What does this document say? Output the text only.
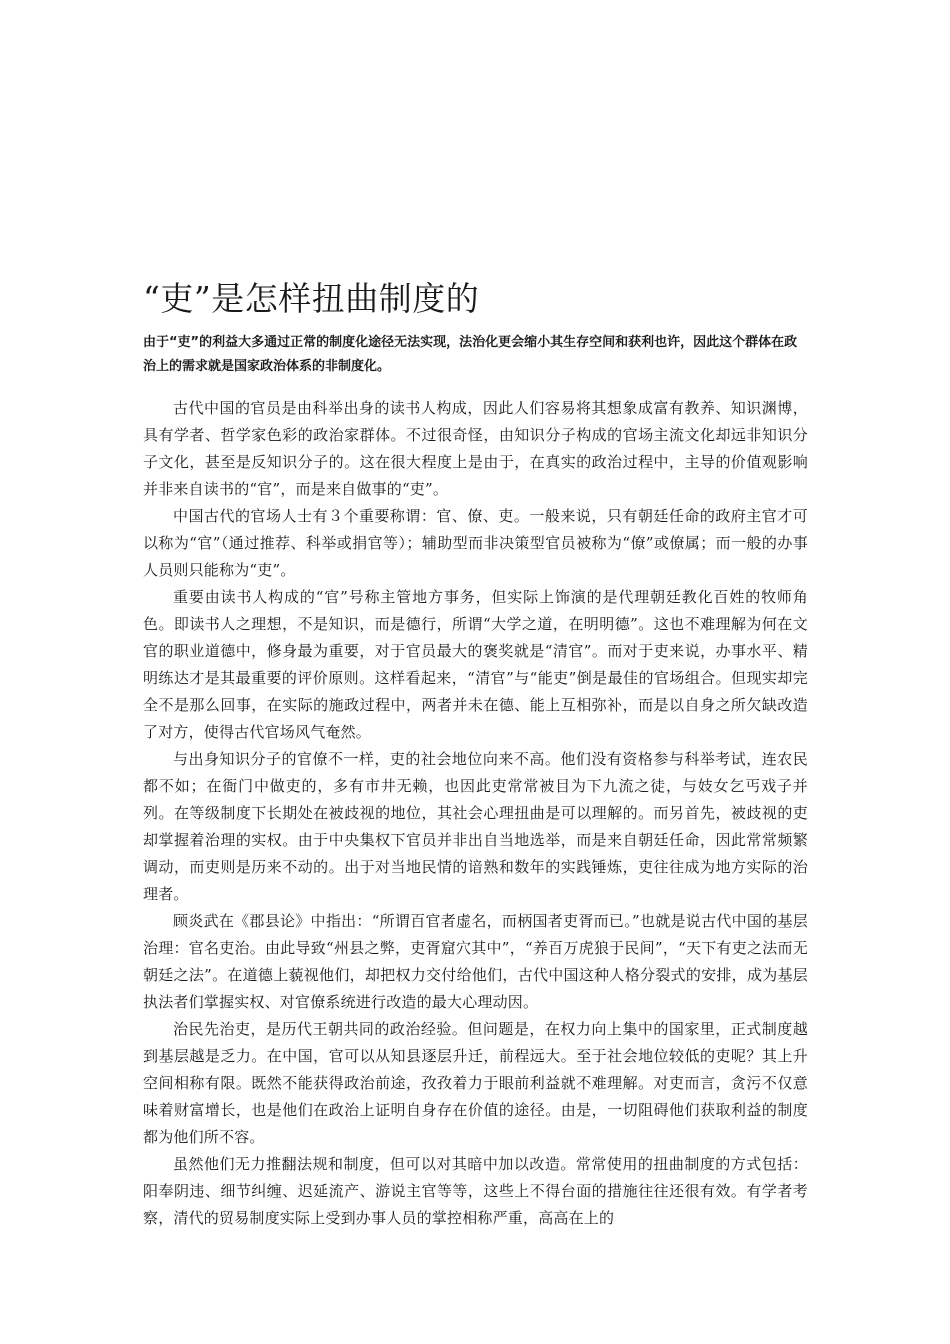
“吏”是怎样扭曲制度的

由于“吏”的利益大多通过正常的制度化途径无法实现，法治化更会缩小其生存空间和获利也许，因此这个群体在政治上的需求就是国家政治体系的非制度化。

古代中国的官员是由科举出身的读书人构成，因此人们容易将其想象成富有教养、知识渊博，具有学者、哲学家色彩的政治家群体。不过很奇怪，由知识分子构成的官场主流文化却远非知识分子文化，甚至是反知识分子的。这在很大程度上是由于，在真实的政治过程中，主导的价值观影响并非来自读书的“官”，而是来自做事的“吏”。

中国古代的官场人士有３个重要称谓：官、僚、吏。一般来说，只有朝廷任命的政府主官才可以称为“官”（通过推荐、科举或捐官等）；辅助型而非决策型官员被称为“僚”或僚属；而一般的办事人员则只能称为“吏”。

重要由读书人构成的“官”号称主管地方事务，但实际上饰演的是代理朝廷教化百姓的牧师角色。即读书人之理想，不是知识，而是德行，所谓“大学之道，在明明德”。这也不难理解为何在文官的职业道德中，修身最为重要，对于官员最大的褒奖就是“清官”。而对于吏来说，办事水平、精明练达才是其最重要的评价原则。这样看起来，“清官”与“能吏”倒是最佳的官场组合。但现实却完全不是那么回事，在实际的施政过程中，两者并未在德、能上互相弥补，而是以自身之所欠缺改造了对方，使得古代官场风气奄然。

与出身知识分子的官僚不一样，吏的社会地位向来不高。他们没有资格参与科举考试，连农民都不如；在衙门中做吏的，多有市井无赖，也因此吏常常被目为下九流之徒，与妓女乞丐戏子并列。在等级制度下长期处在被歧视的地位，其社会心理扭曲是可以理解的。而另首先，被歧视的吏却掌握着治理的实权。由于中央集权下官员并非出自当地选举，而是来自朝廷任命，因此常常频繁调动，而吏则是历来不动的。出于对当地民情的谙熟和数年的实践锤炼，吏往往成为地方实际的治理者。

顾炎武在《郡县论》中指出：“所谓百官者虚名，而柄国者吏胥而已。”也就是说古代中国的基层治理：官名吏治。由此导致“州县之弊，吏胥窟穴其中”，“养百万虎狼于民间”，“天下有吏之法而无朝廷之法”。在道德上藐视他们，却把权力交付给他们，古代中国这种人格分裂式的安排，成为基层执法者们掌握实权、对官僚系统进行改造的最大心理动因。

治民先治吏，是历代王朝共同的政治经验。但问题是，在权力向上集中的国家里，正式制度越到基层越是乏力。在中国，官可以从知县逐层升迁，前程远大。至于社会地位较低的吏呢？其上升空间相称有限。既然不能获得政治前途，孜孜着力于眼前利益就不难理解。对吏而言，贪污不仅意味着财富增长，也是他们在政治上证明自身存在价值的途径。由是，一切阻碍他们获取利益的制度都为他们所不容。

虽然他们无力推翻法规和制度，但可以对其暗中加以改造。常常使用的扭曲制度的方式包括：阳奉阴违、细节纠缠、迟延流产、游说主官等等，这些上不得台面的措施往往还很有效。有学者考察，清代的贸易制度实际上受到办事人员的掌控相称严重，高高在上的
